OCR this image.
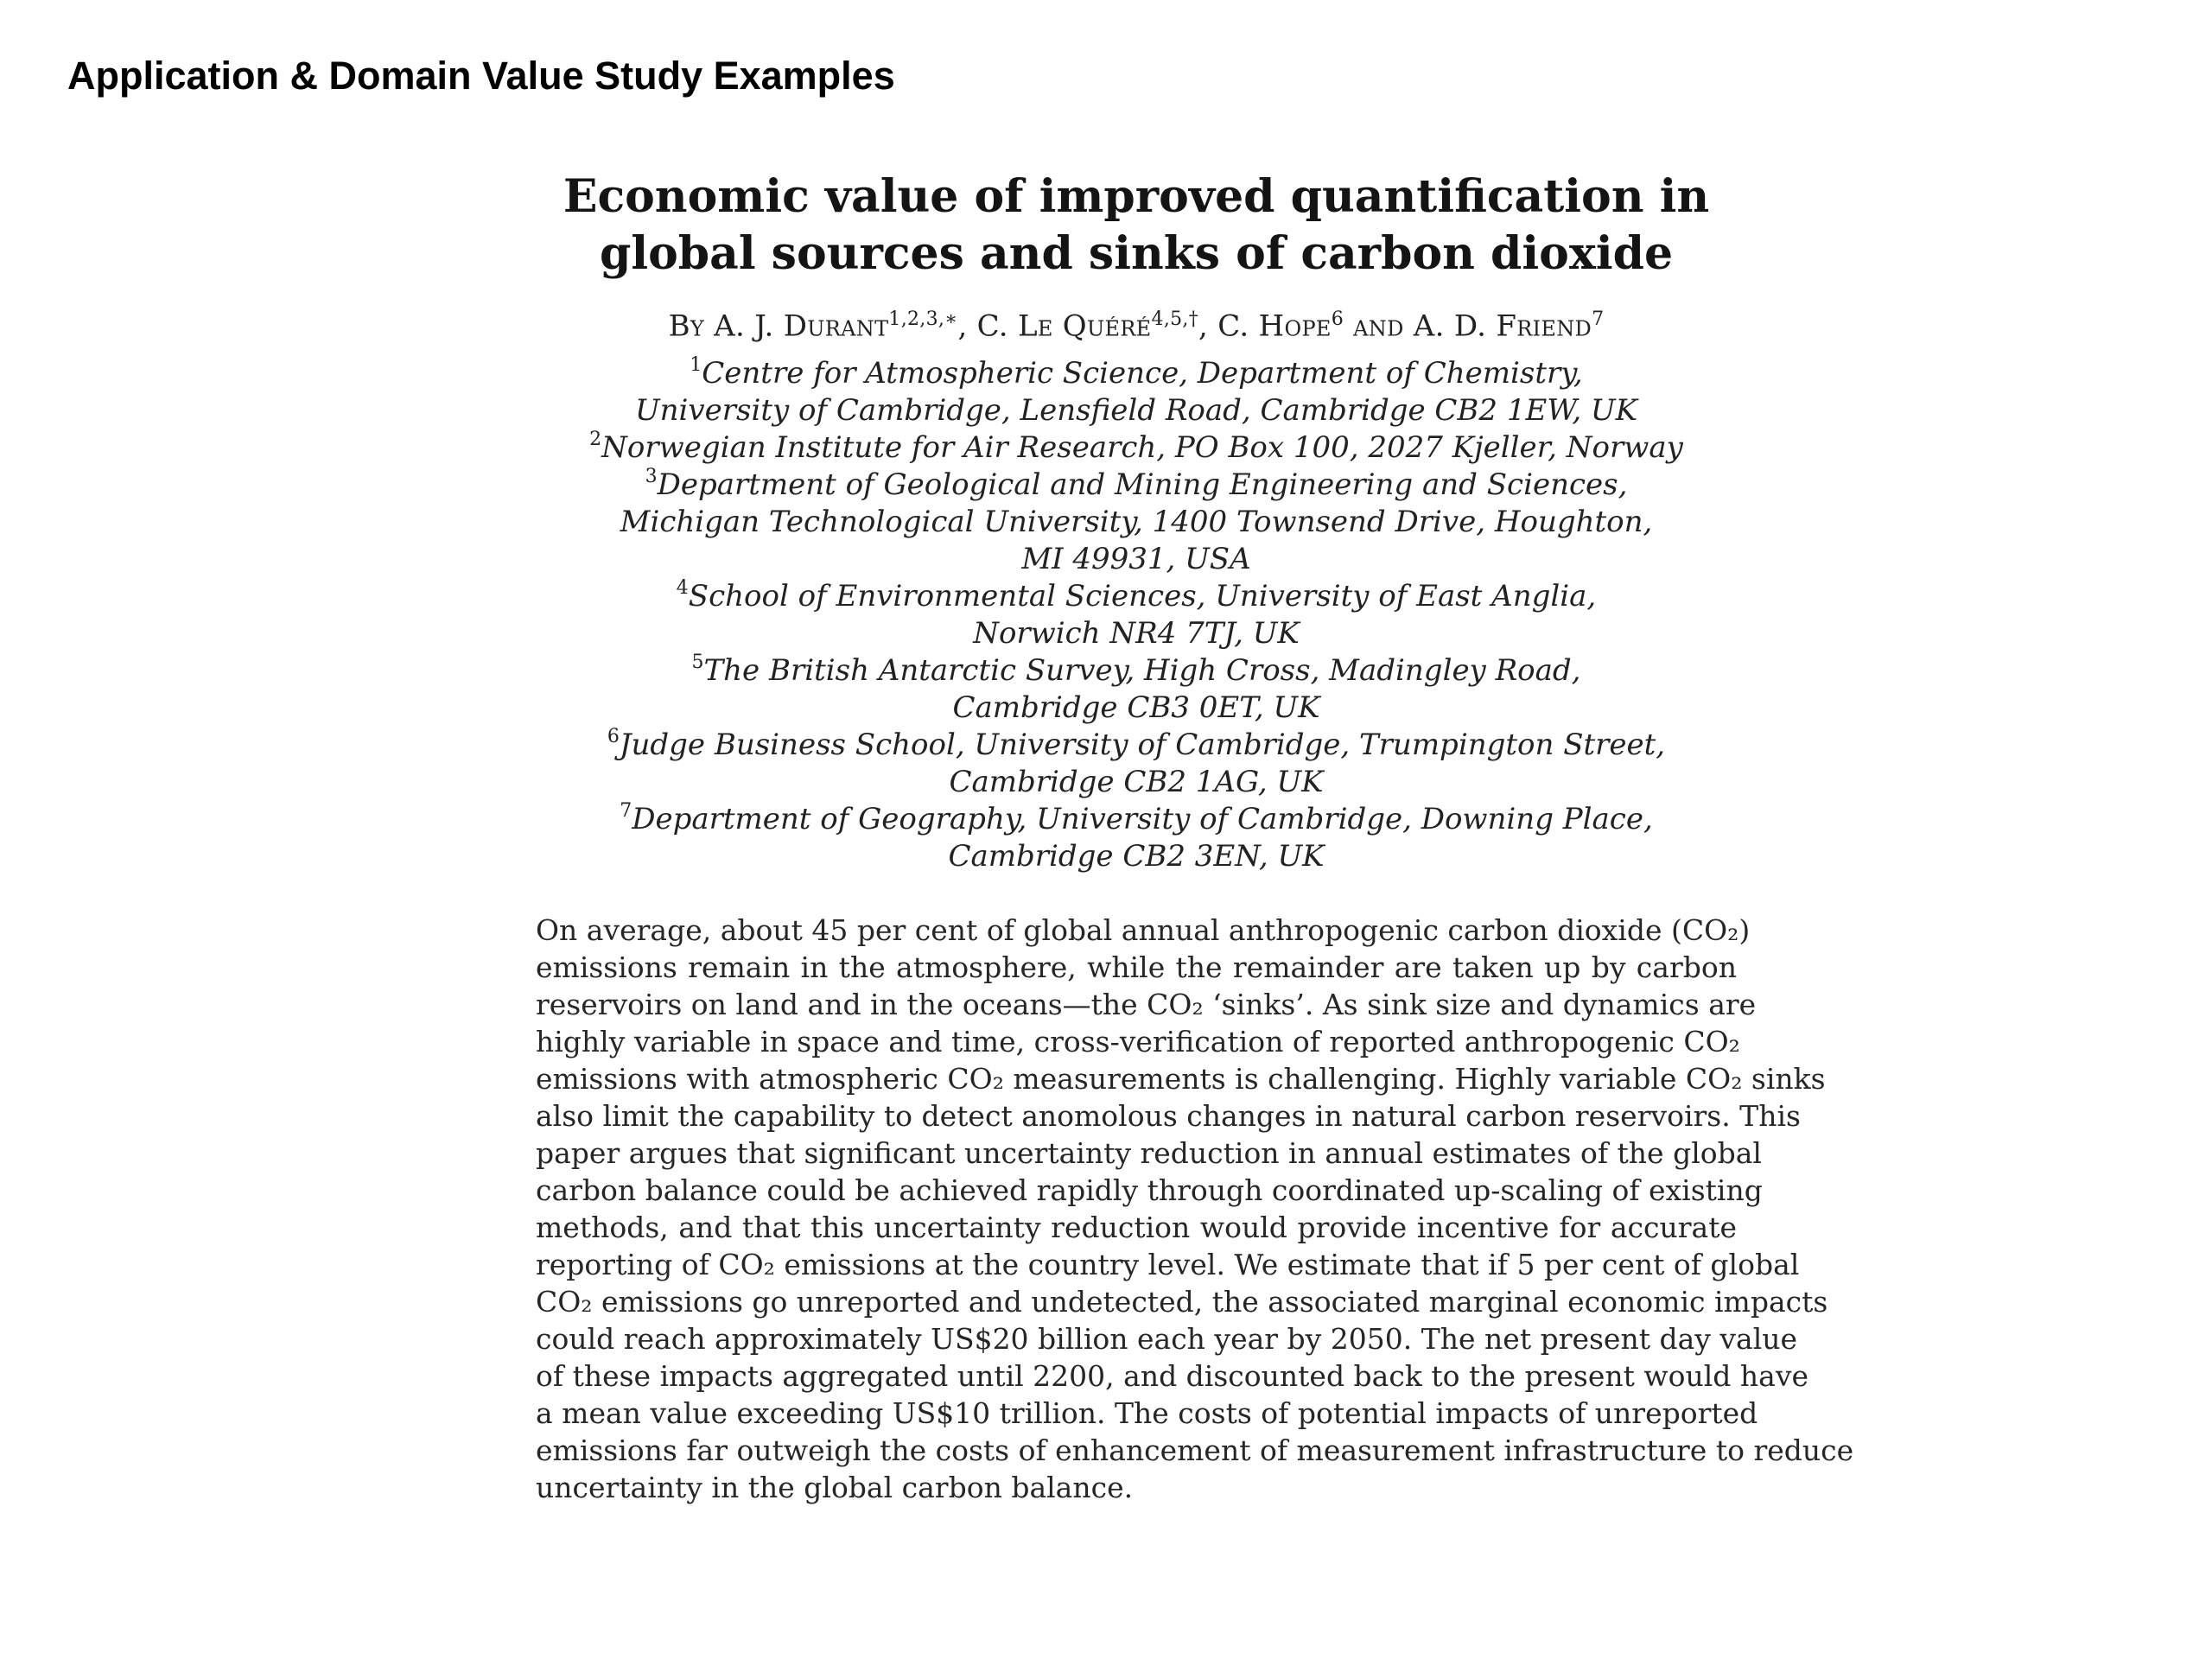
Application & Domain Value Study Examples
Economic value of improved quantification in
global sources and sinks of carbon dioxide
By A. J. Durant$^{1,2,3,∗}$, C. Le Quéré$^{4,5,\dagger}$, C. Hope$^6$ and A. D. Friend$^7$
$^1$Centre for Atmospheric Science, Department of Chemistry,
University of Cambridge, Lensfield Road, Cambridge CB2 1EW, UK
$^2$Norwegian Institute for Air Research, PO Box 100, 2027 Kjeller, Norway
$^3$Department of Geological and Mining Engineering and Sciences,
Michigan Technological University, 1400 Townsend Drive, Houghton,
MI 49931, USA
$^4$School of Environmental Sciences, University of East Anglia,
Norwich NR4 7TJ, UK
$^5$The British Antarctic Survey, High Cross, Madingley Road,
Cambridge CB3 0ET, UK
$^6$Judge Business School, University of Cambridge, Trumpington Street,
Cambridge CB2 1AG, UK
$^7$Department of Geography, University of Cambridge, Downing Place,
Cambridge CB2 3EN, UK
On average, about 45 per cent of global annual anthropogenic carbon dioxide (CO₂)
emissions remain in the atmosphere, while the remainder are taken up by carbon
reservoirs on land and in the oceans—the CO₂ ‘sinks’. As sink size and dynamics are
highly variable in space and time, cross-verification of reported anthropogenic CO₂
emissions with atmospheric CO₂ measurements is challenging. Highly variable CO₂ sinks
also limit the capability to detect anomolous changes in natural carbon reservoirs. This
paper argues that significant uncertainty reduction in annual estimates of the global
carbon balance could be achieved rapidly through coordinated up-scaling of existing
methods, and that this uncertainty reduction would provide incentive for accurate
reporting of CO₂ emissions at the country level. We estimate that if 5 per cent of global
CO₂ emissions go unreported and undetected, the associated marginal economic impacts
could reach approximately US$20 billion each year by 2050. The net present day value
of these impacts aggregated until 2200, and discounted back to the present would have
a mean value exceeding US$10 trillion. The costs of potential impacts of unreported
emissions far outweigh the costs of enhancement of measurement infrastructure to reduce
uncertainty in the global carbon balance.
